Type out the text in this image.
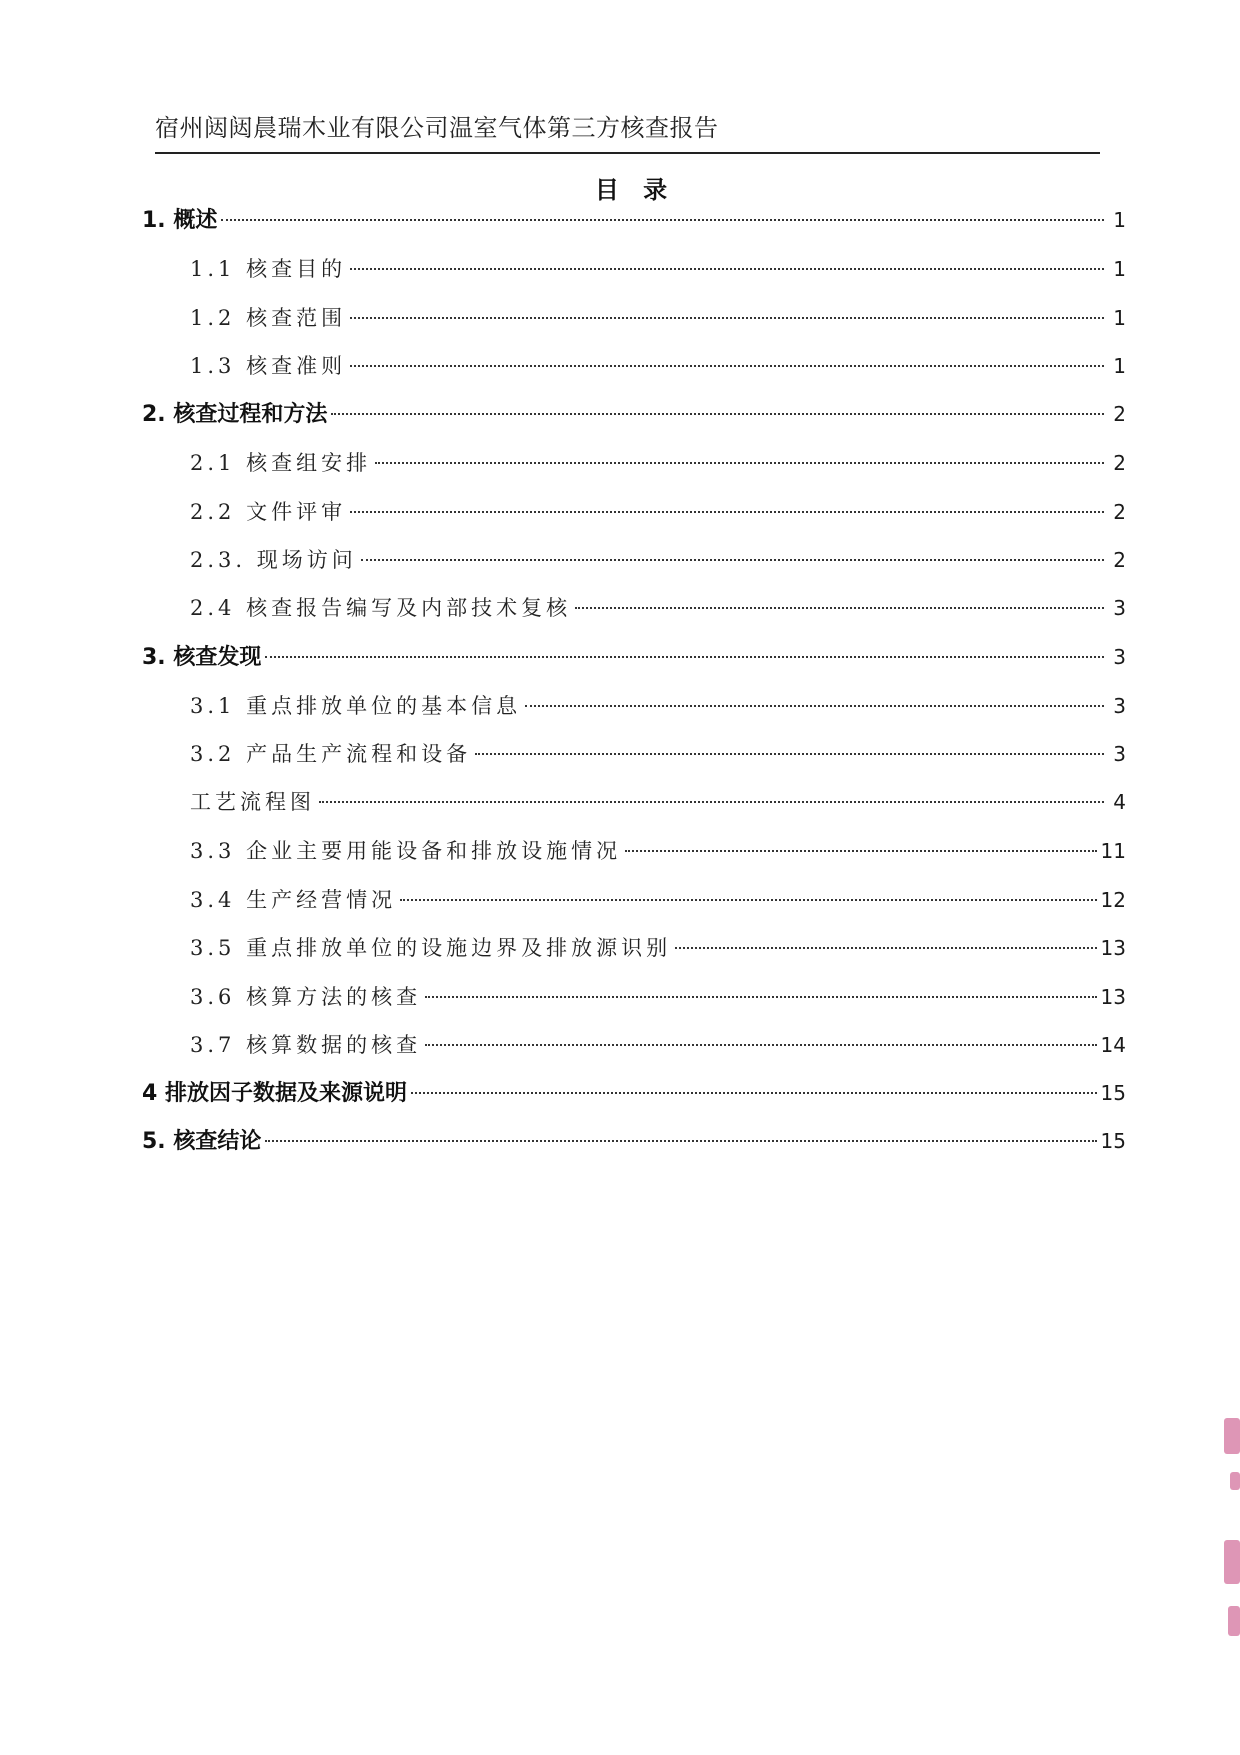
宿州闼闼晨瑞木业有限公司温室气体第三方核查报告
目 录
1. 概述	1
1.1 核查目的	1
1.2 核查范围	1
1.3 核查准则	1
2. 核查过程和方法	2
2.1 核查组安排	2
2.2 文件评审	2
2.3. 现场访问	2
2.4 核查报告编写及内部技术复核	3
3. 核查发现	3
3.1 重点排放单位的基本信息	3
3.2 产品生产流程和设备	3
工艺流程图	4
3.3 企业主要用能设备和排放设施情况	11
3.4 生产经营情况	12
3.5 重点排放单位的设施边界及排放源识别	13
3.6 核算方法的核查	13
3.7 核算数据的核查	14
4 排放因子数据及来源说明	15
5. 核查结论	15
